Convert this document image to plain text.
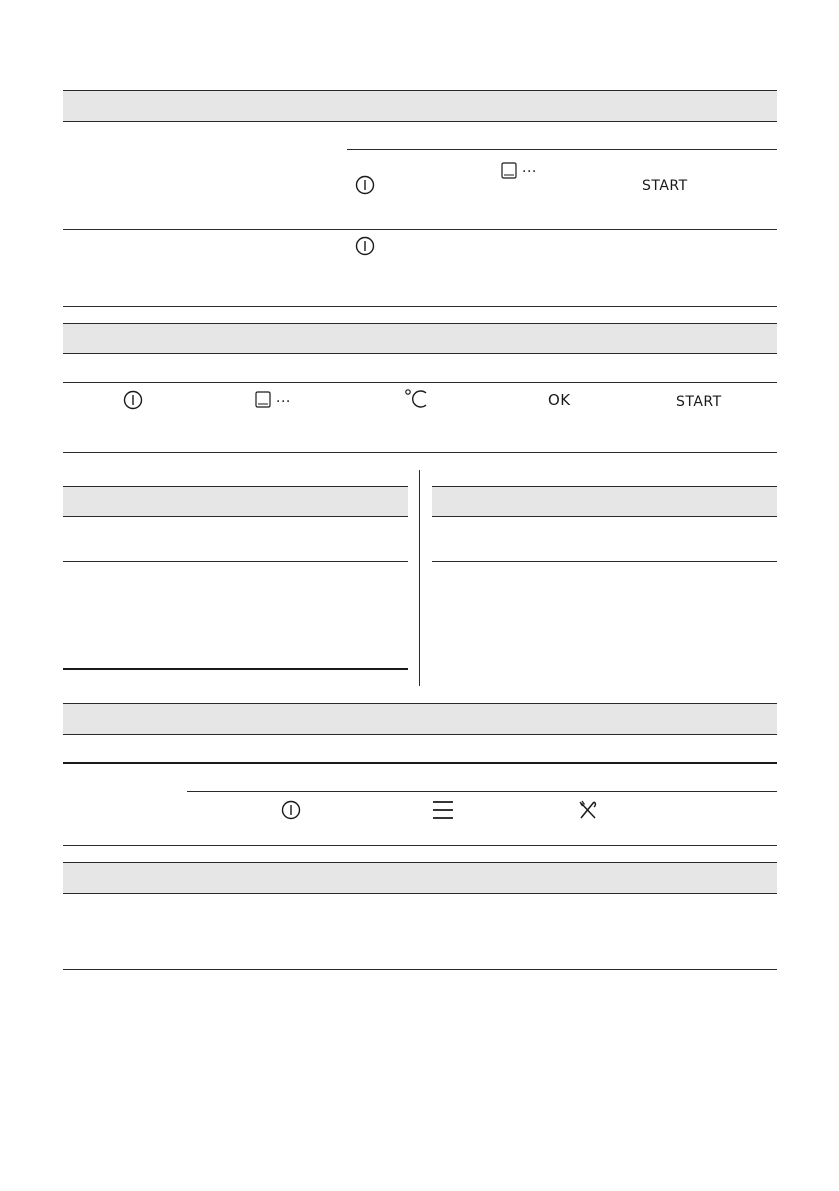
...
START
...	OK	START
